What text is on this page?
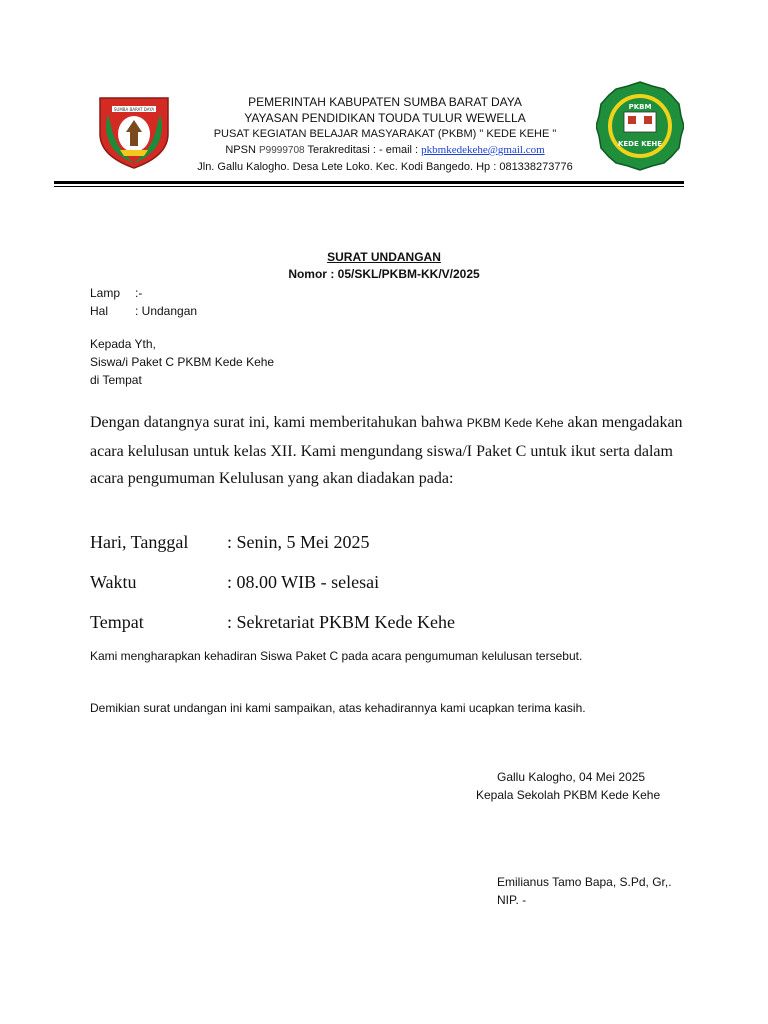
SUMBA BARAT DAYA	PKBM
KEDE KEHE
PEMERINTAH KABUPATEN SUMBA BARAT DAYA
YAYASAN PENDIDIKAN TOUDA TULUR WEWELLA
PUSAT KEGIATAN BELAJAR MASYARAKAT (PKBM) " KEDE KEHE "
NPSN P9999708 Terakreditasi : - email : pkbmkedekehe@gmail.com
Jln. Gallu Kalogho. Desa Lete Loko. Kec. Kodi Bangedo. Hp : 081338273776
SURAT UNDANGAN
Nomor : 05/SKL/PKBM-KK/V/2025
Lamp :-
Hal : Undangan
Kepada Yth,
Siswa/i Paket C PKBM Kede Kehe
di Tempat
Dengan datangnya surat ini, kami memberitahukan bahwa PKBM Kede Kehe akan mengadakan acara kelulusan untuk kelas XII. Kami mengundang siswa/I Paket C untuk ikut serta dalam acara pengumuman Kelulusan yang akan diadakan pada:
Hari, Tanggal : Senin, 5 Mei 2025
Waktu	: 08.00 WIB - selesai
Tempat	: Sekretariat PKBM Kede Kehe
Kami mengharapkan kehadiran Siswa Paket C pada acara pengumuman kelulusan tersebut.
Demikian surat undangan ini kami sampaikan, atas kehadirannya kami ucapkan terima kasih.
Gallu Kalogho, 04 Mei 2025
Kepala Sekolah PKBM Kede Kehe
Emilianus Tamo Bapa, S.Pd, Gr,.
NIP. -
